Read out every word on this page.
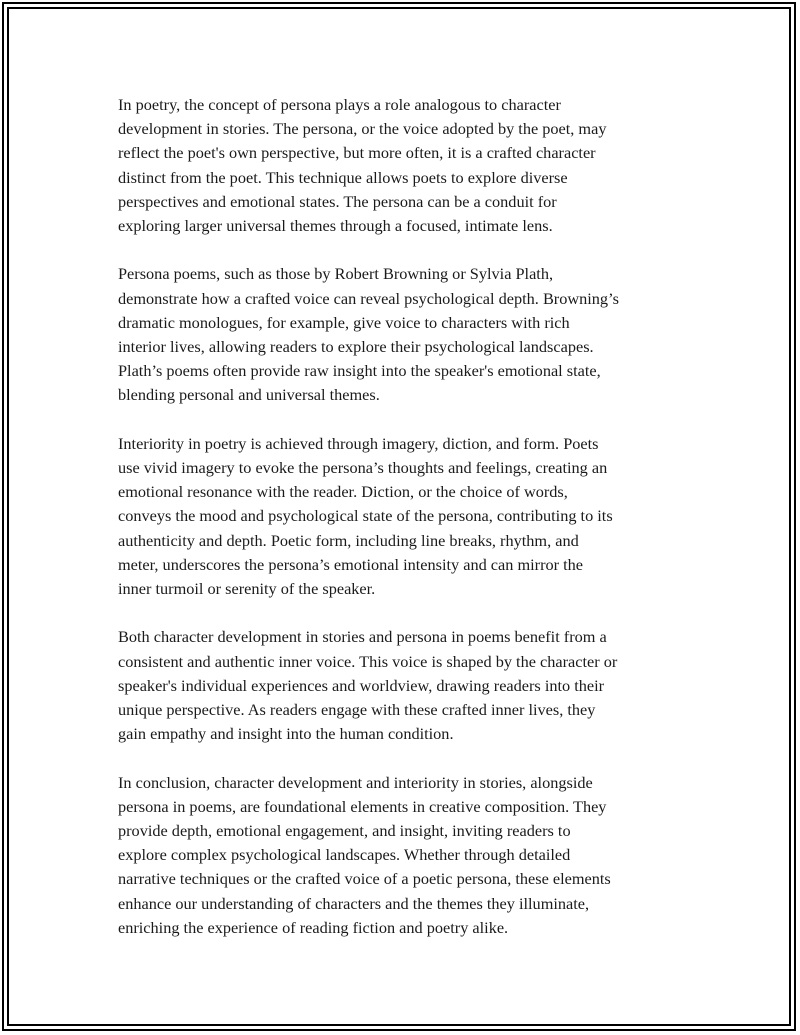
In poetry, the concept of persona plays a role analogous to character
development in stories. The persona, or the voice adopted by the poet, may
reflect the poet's own perspective, but more often, it is a crafted character
distinct from the poet. This technique allows poets to explore diverse
perspectives and emotional states. The persona can be a conduit for
exploring larger universal themes through a focused, intimate lens.

Persona poems, such as those by Robert Browning or Sylvia Plath,
demonstrate how a crafted voice can reveal psychological depth. Browning’s
dramatic monologues, for example, give voice to characters with rich
interior lives, allowing readers to explore their psychological landscapes.
Plath’s poems often provide raw insight into the speaker's emotional state,
blending personal and universal themes.

Interiority in poetry is achieved through imagery, diction, and form. Poets
use vivid imagery to evoke the persona’s thoughts and feelings, creating an
emotional resonance with the reader. Diction, or the choice of words,
conveys the mood and psychological state of the persona, contributing to its
authenticity and depth. Poetic form, including line breaks, rhythm, and
meter, underscores the persona’s emotional intensity and can mirror the
inner turmoil or serenity of the speaker.

Both character development in stories and persona in poems benefit from a
consistent and authentic inner voice. This voice is shaped by the character or
speaker's individual experiences and worldview, drawing readers into their
unique perspective. As readers engage with these crafted inner lives, they
gain empathy and insight into the human condition.

In conclusion, character development and interiority in stories, alongside
persona in poems, are foundational elements in creative composition. They
provide depth, emotional engagement, and insight, inviting readers to
explore complex psychological landscapes. Whether through detailed
narrative techniques or the crafted voice of a poetic persona, these elements
enhance our understanding of characters and the themes they illuminate,
enriching the experience of reading fiction and poetry alike.
